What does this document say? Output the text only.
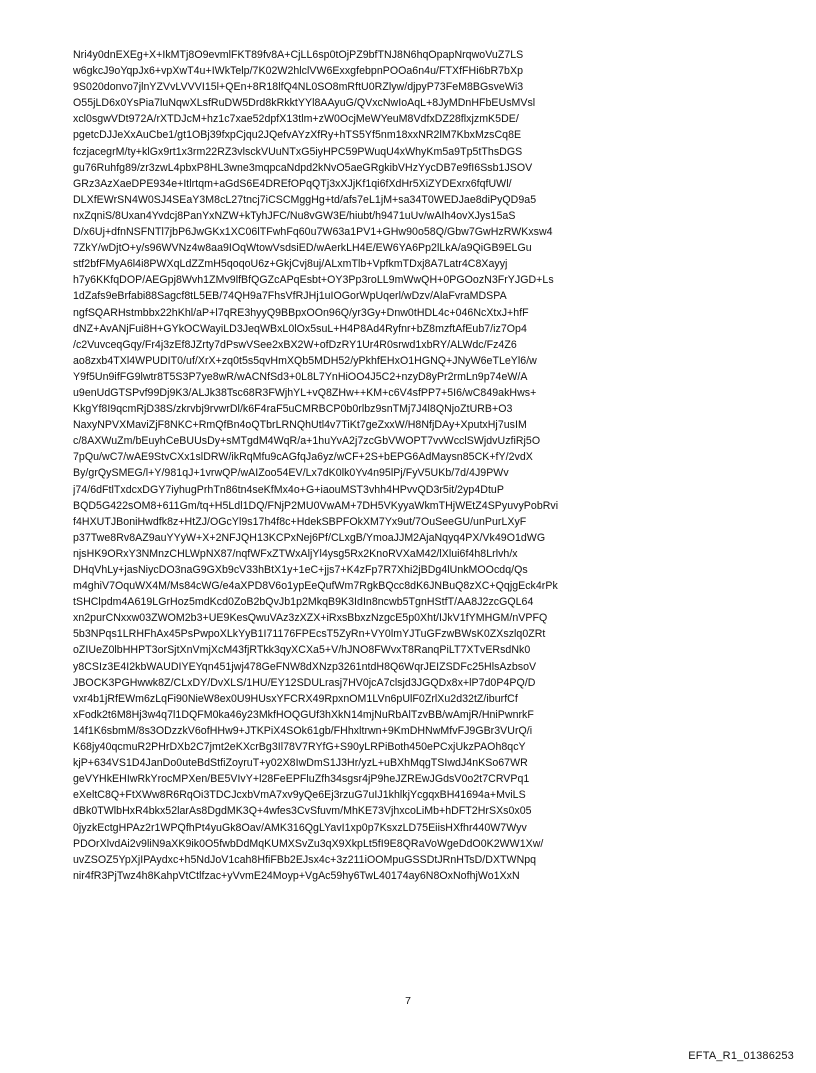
Nri4y0dnEXEg+X+IkMTj8O9evmlFKT89fv8A+CjLL6sp0tOjPZ9bfTNJ8N6hqOpapNrqwoVuZ7LS
w6gkcJ9oYqpJx6+vpXwT4u+IWkTelp/7K02W2hlclVW6ExxgfebpnPOOa6n4u/FTXfFHi6bR7bXp
9S020donvo7jlnYZVvLVVVI15l+QEn+8R18lfQ4NL0SO8mRftU0RZlyw/djpyP73FeM8BGsveWi3
O55jLD6x0YsPia7luNqwXLsfRuDW5Drd8kRkktYYl8AAyuG/QVxcNwIoAqL+8JyMDnHFbEUsMVsl
xcl0sgwVDt972A/rXTDJcM+hz1c7xae52dpfX13tlm+zW0OcjMeWYeuM8VdfxDZ28flxjzmK5DE/
pgetcDJJeXxAuCbe1/gt1OBj39fxpCjqu2JQefvAYzXfRy+hTS5Yf5nm18xxNR2lM7KbxMzsCq8E
fczjacegrM/ty+klGx9rt1x3rm22RZ3vlsckVUuNTxG5iyHPC59PWuqU4xWhyKm5a9Tp5tThsDGS
gu76Ruhfg89/zr3zwL4pbxP8HL3wne3mqpcaNdpd2kNvO5aeGRgkibVHzYycDB7e9fI6Ssb1JSOV
GRz3AzXaeDPE934e+Itlrtqm+aGdS6E4DREfOPqQTj3xXJjKf1qi6fXdHr5XiZYDExrx6fqfUWl/
DLXfEWrSN4W0SJ4SEaY3M8cL27tncj7iCSCMggHg+td/afs7eL1jM+sa34T0WEDJae8diPyQD9a5
nxZqniS/8Uxan4Yvdcj8PanYxNZW+kTyhJFC/Nu8vGW3E/hiubt/h9471uUv/wAIh4ovXJys15aS
D/x6Uj+dfnNSFNTl7jbP6JwGKx1XC06lTFwhFq60u7W63a1PV1+GHw90o58Q/Gbw7GwHzRWKxsw4
7ZkY/wDjtO+y/s96WVNz4w8aa9IOqWtowVsdsiED/wAerkLH4E/EW6YA6Pp2lLkA/a9QiGB9ELGu
stf2bfFMyA6l4i8PWXqLdZZmH5qoqoU6z+GkjCvj8uj/ALxmTlb+VpfkmTDxj8A7Latr4C8Xayyj
h7y6KKfqDOP/AEGpj8Wvh1ZMv9lfBfQGZcAPqEsbt+OY3Pp3roLL9mWwQH+0PGOozN3FrYJGD+Ls
1dZafs9eBrfabi88Sagcf8tL5EB/74QH9a7FhsVfRJHj1uIOGorWpUqerl/wDzv/AlaFvraMDSPA
ngfSQARHstmbbx22hKhl/aP+l7qRE3hyyQ9BBpxOOn96Q/yr3Gy+Dnw0tHDL4c+046NcXtxJ+hfF
dNZ+AvANjFui8H+GYkOCWayiLD3JeqWBxL0lOx5suL+H4P8Ad4Ryfnr+bZ8mzftAfEub7/iz7Op4
/c2VuvceqGqy/Fr4j3zEf8JZrty7dPswVSee2xBX2W+ofDzRY1Ur4R0srwd1xbRY/ALWdc/Fz4Z6
ao8zxb4TXl4WPUDIT0/uf/XrX+zq0t5s5qvHmXQb5MDH52/yPkhfEHxO1HGNQ+JNyW6eTLeYl6/w
Y9f5Un9ifFG9lwtr8T5S3P7ye8wR/wACNfSd3+0L8L7YnHiOO4J5C2+nzyD8yPr2rmLn9p74eW/A
u9enUdGTSPvf99Dj9K3/ALJk38Tsc68R3FWjhYL+vQ8ZHw++KM+c6V4sfPP7+5I6/wC849akHws+
KkgYf8I9qcmRjD38S/zkrvbj9rvwrDl/k6F4raF5uCMRBCP0b0rlbz9snTMj7J4l8QNjoZtURB+O3
NaxyNPVXMaviZjF8NKC+RmQfBn4oQTbrLRNQhUtl4v7TiKt7geZxxW/H8NfjDAy+XputxHj7usIM
c/8AXWuZm/bEuyhCeBUUsDy+sMTgdM4WqR/a+1huYvA2j7zcGbVWOPT7vvWcclSWjdvUzfiRj5O
7pQu/wC7/wAE9StvCXx1slDRW/ikRqMfu9cAGfqJa6yz/wCF+2S+bEPG6AdMaysn85CK+fY/2vdX
By/grQySMEG/l+Y/981qJ+1vrwQP/wAIZoo54EV/Lx7dK0lk0Yv4n95lPj/FyV5UKb/7d/4J9PWv
j74/6dFtlTxdcxDGY7iyhugPrhTn86tn4seKfMx4o+G+iaouMST3vhh4HPvvQD3r5it/2yp4DtuP
BQD5G422sOM8+611Gm/tq+H5Ldl1DQ/FNjP2MU0VwAM+7DH5VKyyaWkmTHjWEtZ4SPyuvyPobRvi
f4HXUTJBoniHwdfk8z+HtZJ/OGcYl9s17h4f8c+HdekSBPFOkXM7Yx9ut/7OuSeeGU/unPurLXyF
p37Twe8Rv8AZ9auYYyW+X+2NFJQH13KCPxNej6Pf/CLxgB/YmoaJJM2AjaNqyq4PX/Vk49O1dWG
njsHK9ORxY3NMnzCHLWpNX87/nqfWFxZTWxAljYl4ysg5Rx2KnoRVXaM42/lXlui6f4h8Lrlvh/x
DHqVhLy+jasNiycDO3naG9GXb9cV33hBtX1y+1eC+jjs7+K4zFp7R7Xhi2jBDg4lUnkMOOcdq/Qs
m4ghiV7OquWX4M/Ms84cWG/e4aXPD8V6o1ypEeQufWm7RgkBQcc8dK6JNBuQ8zXC+QqjgEck4rPk
tSHClpdm4A619LGrHoz5mdKcd0ZoB2bQvJb1p2MkqB9K3IdIn8ncwb5TgnHStfT/AA8J2zcGQL64
xn2purCNxxw03ZWOM2b3+UE9KesQwuVAz3zXZX+iRxsBbxzNzgcE5p0Xht/IJkV1fYMHGM/nVPFQ
5b3NPqs1LRHFhAx45PsPwpoXLkYyB1I71176FPEcsT5ZyRn+VY0lmYJTuGFzwBWsK0ZXszlq0ZRt
oZIUeZ0lbHHPT3orSjtXnVmjXcM43fjRTkk3qyXCXa5+V/hJNO8FWvxT8RanqPiLT7XTvERsdNk0
y8CSIz3E4I2kbWAUDIYEYqn451jwj478GeFNW8dXNzp3261ntdH8Q6WqrJEIZSDFc25HlsAzbsoV
JBOCK3PGHwwk8Z/CLxDY/DvXLS/1HU/EY12SDULrasj7HV0jcA7clsjd3JGQDx8x+lP7d0P4PQ/D
vxr4b1jRfEWm6zLqFi90NieW8ex0U9HUsxYFCRX49RpxnOM1LVn6pUlF0ZrlXu2d32tZ/iburfCf
xFodk2t6M8Hj3w4q7l1DQFM0ka46y23MkfHOQGUf3hXkN14mjNuRbAlTzvBB/wAmjR/HniPwnrkF
14f1K6sbmM/8s3ODzzkV6ofHHw9+JTKPiX4SOk61gb/FHhxltrwn+9KmDHNwMfvFJ9GBr3VUrQ/i
K68jy40qcmuR2PHrDXb2C7jmt2eKXcrBg3Il78V7RYfG+S90yLRPiBoth450ePCxjUkzPAOh8qcY
kjP+634VS1D4JanDo0uteBdStfiZoyruT+y02X8IwDmS1J3Hr/yzL+uBXhMqgTSIwdJ4nKSo67WR
geVYHkEHIwRkYrocMPXen/BE5VIvY+l28FeEPFluZfh34sgsr4jP9heJZREwJGdsV0o2t7CRVPq1
eXeltC8Q+FtXWw8R6RqOi3TDCJcxbVmA7xv9yQe6Ej3rzuG7uIJ1khlkjYcgqxBH41694a+MviLS
dBk0TWlbHxR4bkx52larAs8DgdMK3Q+4wfes3CvSfuvm/MhKE73VjhxcoLiMb+hDFT2HrSXs0x05
0jyzkEctgHPAz2r1WPQfhPt4yuGk8Oav/AMK316QgLYavI1xp0p7KsxzLD75EiisHXfhr440W7Wyv
PDOrXlvdAi2v9liN9aXK9ik0O5fwbDdMqKUMXSvZu3qX9XkpLt5fI9E8QRaVoWgeDdO0K2WW1Xw/
uvZSOZ5YpXjIPAydxc+h5NdJoV1cah8HfiFBb2EJsx4c+3z211iOOMpuGSSDtJRnHTsD/DXTWNpq
nir4fR3PjTwz4h8KahpVtCtlfzac+yVvmE24Moyp+VgAc59hy6TwL40174ay6N8OxNofhjWo1XxN
7
EFTA_R1_01386253
